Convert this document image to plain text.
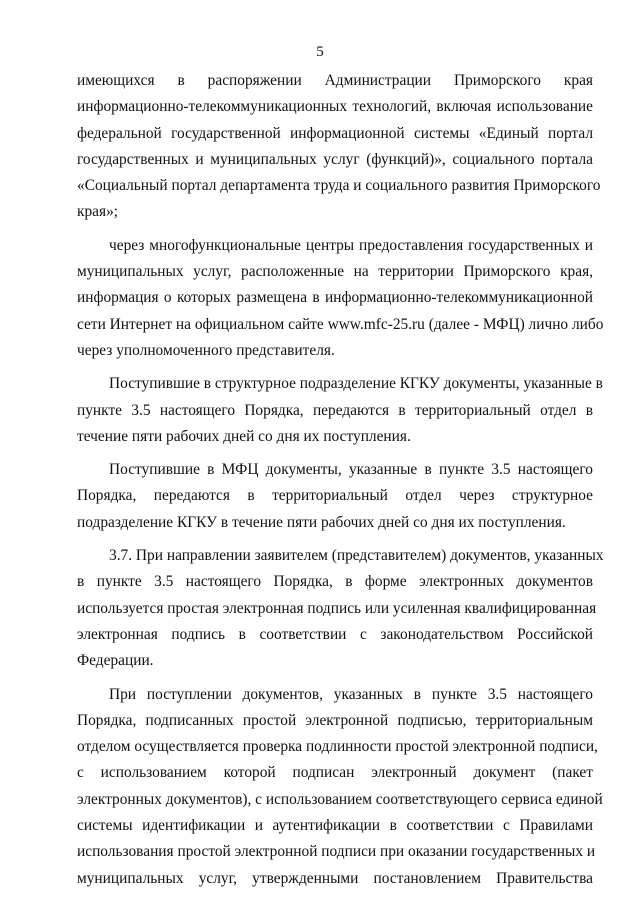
5
имеющихся в распоряжении Администрации Приморского края
информационно-телекоммуникационных технологий, включая использование
федеральной государственной информационной системы «Единый портал
государственных и муниципальных услуг (функций)», социального портала
«Социальный портал департамента труда и социального развития Приморского
края»;
через многофункциональные центры предоставления государственных и
муниципальных услуг, расположенные на территории Приморского края,
информация о которых размещена в информационно-телекоммуникационной
сети Интернет на официальном сайте www.mfc-25.ru (далее - МФЦ) лично либо
через уполномоченного представителя.
Поступившие в структурное подразделение КГКУ документы, указанные в
пункте 3.5 настоящего Порядка, передаются в территориальный отдел в
течение пяти рабочих дней со дня их поступления.
Поступившие в МФЦ документы, указанные в пункте 3.5 настоящего
Порядка, передаются в территориальный отдел через структурное
подразделение КГКУ в течение пяти рабочих дней со дня их поступления.
3.7. При направлении заявителем (представителем) документов, указанных
в пункте 3.5 настоящего Порядка, в форме электронных документов
используется простая электронная подпись или усиленная квалифицированная
электронная подпись в соответствии с законодательством Российской
Федерации.
При поступлении документов, указанных в пункте 3.5 настоящего
Порядка, подписанных простой электронной подписью, территориальным
отделом осуществляется проверка подлинности простой электронной подписи,
с использованием которой подписан электронный документ (пакет
электронных документов), с использованием соответствующего сервиса единой
системы идентификации и аутентификации в соответствии с Правилами
использования простой электронной подписи при оказании государственных и
муниципальных услуг, утвержденными постановлением Правительства
